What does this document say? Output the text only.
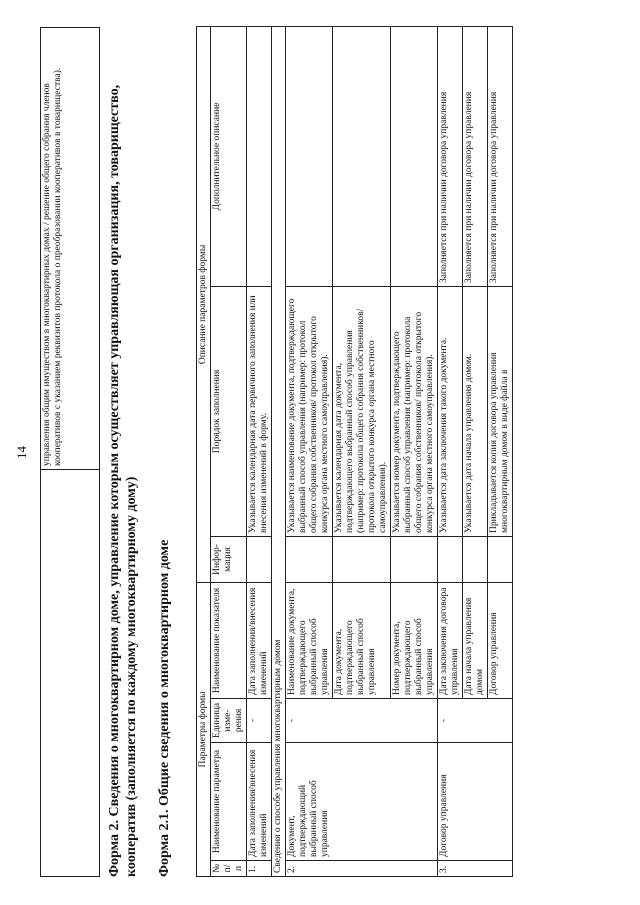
14
	управления общим имуществом в многоквартирных домах / решение общего собрания членов кооперативов с указанием реквизитов протокола о преобразовании кооперативов в товарищества).	Форма 2. Сведения о многоквартирном доме, управление которым осуществляет управляющая организация, товарищество, кооператив (заполняется по каждому многоквартирному дому) Форма 2.1. Общие сведения о многоквартирном доме	Параметры формы				Описание параметров формы		
№ п/п	Наименование параметра	Единица изме-рения	Наименование показателя	Инфор-мация	Порядок заполнения	Дополнительное описание
1.	Дата заполнения/внесения изменений	-	Дата заполнения/внесения изменений		Указывается календарная дата первичного заполнения или внесения изменений в форму.	
Сведения о способе управления многоквартирным домом						
2.	Документ, подтверждающий выбранный способ управления	-	Наименование документа, подтверждающего выбранный способ управления		Указывается наименование документа, подтверждающего выбранный способ управления (например: протокол общего собрания собственников/ протокол открытого конкурса органа местного самоуправления).	
			Дата документа, подтверждающего выбранный способ управления		Указывается календарная дата документа, подтверждающего выбранный способ управления (например: протокола общего собрания собственников/ протокола открытого конкурса органа местного самоуправления).	
			Номер документа, подтверждающего выбранный способ управления		Указывается номер документа, подтверждающего выбранный способ управления (например: протокола общего собрания собственников/ протокола открытого конкурса органа местного самоуправления).	
3.	Договор управления	-	Дата заключения договора управления		Указывается дата заключения такого документа.	Заполняется при наличии договора управления
			Дата начала управления домом		Указывается дата начала управления домом.	Заполняется при наличии договора управления
			Договор управления		Прикладывается копия договора управления многоквартирным домом в виде файла в	Заполняется при наличии договора управления
